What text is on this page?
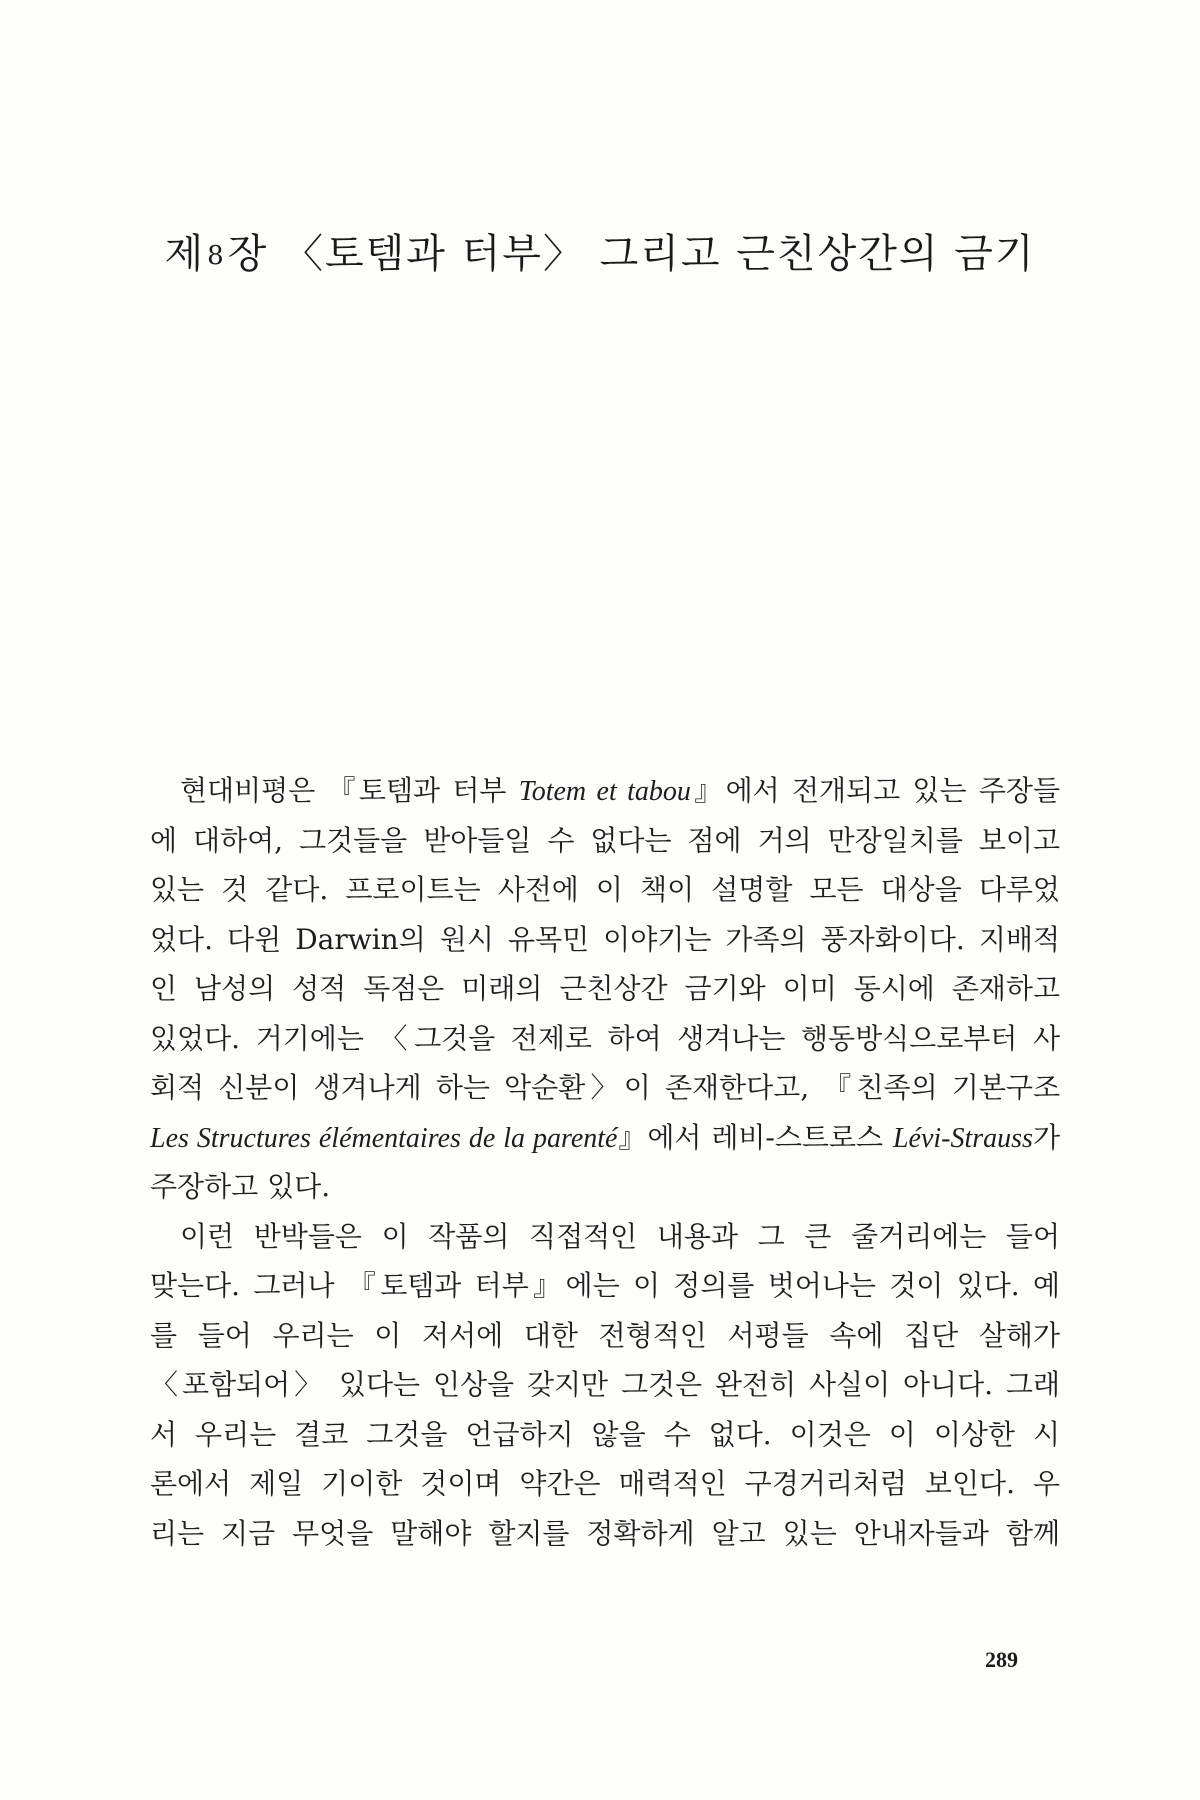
제8장 〈토템과 터부〉 그리고 근친상간의 금기
현대비평은 『토템과 터부 Totem et tabou』에서 전개되고 있는 주장들
에 대하여, 그것들을 받아들일 수 없다는 점에 거의 만장일치를 보이고
있는 것 같다. 프로이트는 사전에 이 책이 설명할 모든 대상을 다루었
었다. 다윈 Darwin의 원시 유목민 이야기는 가족의 풍자화이다. 지배적
인 남성의 성적 독점은 미래의 근친상간 금기와 이미 동시에 존재하고
있었다. 거기에는 〈그것을 전제로 하여 생겨나는 행동방식으로부터 사
회적 신분이 생겨나게 하는 악순환〉이 존재한다고, 『친족의 기본구조
Les Structures élémentaires de la parenté』에서 레비-스트로스 Lévi-Strauss가
주장하고 있다.
이런 반박들은 이 작품의 직접적인 내용과 그 큰 줄거리에는 들어
맞는다. 그러나 『토템과 터부』에는 이 정의를 벗어나는 것이 있다. 예
를 들어 우리는 이 저서에 대한 전형적인 서평들 속에 집단 살해가
〈포함되어〉 있다는 인상을 갖지만 그것은 완전히 사실이 아니다. 그래
서 우리는 결코 그것을 언급하지 않을 수 없다. 이것은 이 이상한 시
론에서 제일 기이한 것이며 약간은 매력적인 구경거리처럼 보인다. 우
리는 지금 무엇을 말해야 할지를 정확하게 알고 있는 안내자들과 함께
289
